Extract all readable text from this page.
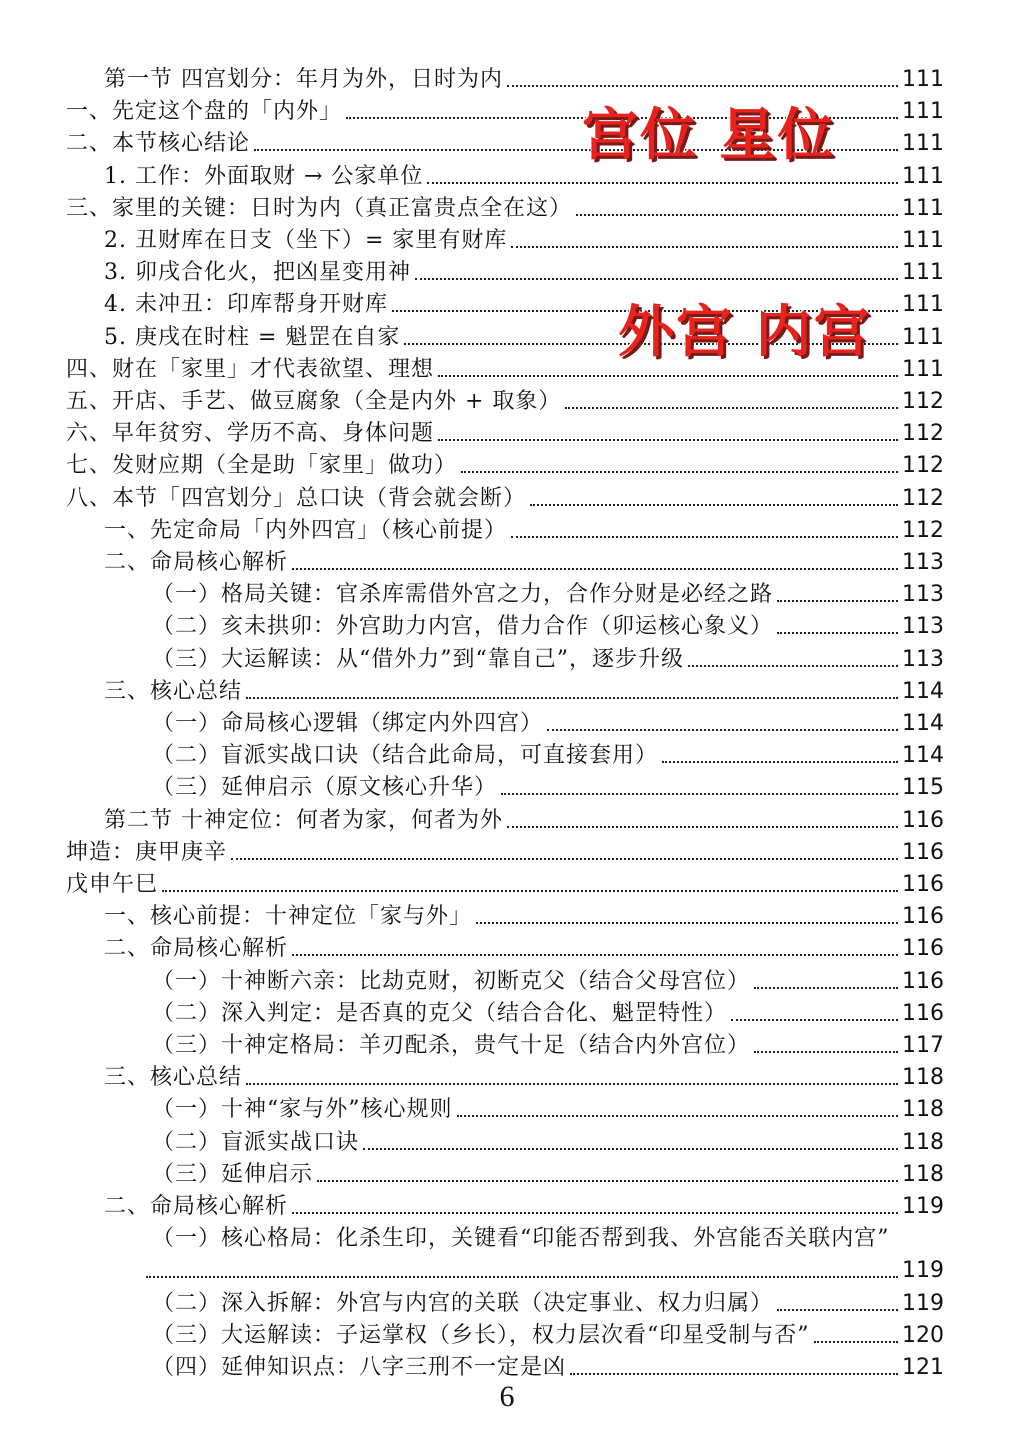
第一节 四宫划分：年月为外，日时为内	111
一、先定这个盘的「内外」	111
二、本节核心结论	111
1. 工作：外面取财 → 公家单位	111
三、家里的关键：日时为内（真正富贵点全在这）	111
2. 丑财库在日支（坐下）= 家里有财库	111
3. 卯戌合化火，把凶星变用神	111
4. 未冲丑：印库帮身开财库	111
5. 庚戌在时柱 = 魁罡在自家	111
四、财在「家里」才代表欲望、理想	111
五、开店、手艺、做豆腐象（全是内外 + 取象）	112
六、早年贫穷、学历不高、身体问题	112
七、发财应期（全是助「家里」做功）	112
八、本节「四宫划分」总口诀（背会就会断）	112
一、先定命局「内外四宫」（核心前提）	112
二、命局核心解析	113
（一）格局关键：官杀库需借外宫之力，合作分财是必经之路	113
（二）亥未拱卯：外宫助力内宫，借力合作（卯运核心象义）	113
（三）大运解读：从“借外力”到“靠自己”，逐步升级	113
三、核心总结	114
（一）命局核心逻辑（绑定内外四宫）	114
（二）盲派实战口诀（结合此命局，可直接套用）	114
（三）延伸启示（原文核心升华）	115
第二节 十神定位：何者为家，何者为外	116
坤造：庚甲庚辛	116
戊申午巳	116
一、核心前提：十神定位「家与外」	116
二、命局核心解析	116
（一）十神断六亲：比劫克财，初断克父（结合父母宫位）	116
（二）深入判定：是否真的克父（结合合化、魁罡特性）	116
（三）十神定格局：羊刃配杀，贵气十足（结合内外宫位）	117
三、核心总结	118
（一）十神“家与外”核心规则	118
（二）盲派实战口诀	118
（三）延伸启示	118
二、命局核心解析	119
（一）核心格局：化杀生印，关键看“印能否帮到我、外宫能否关联内宫”
119
（二）深入拆解：外宫与内宫的关联（决定事业、权力归属）	119
（三）大运解读：子运掌权（乡长），权力层次看“印星受制与否”	120
（四）延伸知识点：八字三刑不一定是凶	121
宫位 星位
外宫 内宫
6
